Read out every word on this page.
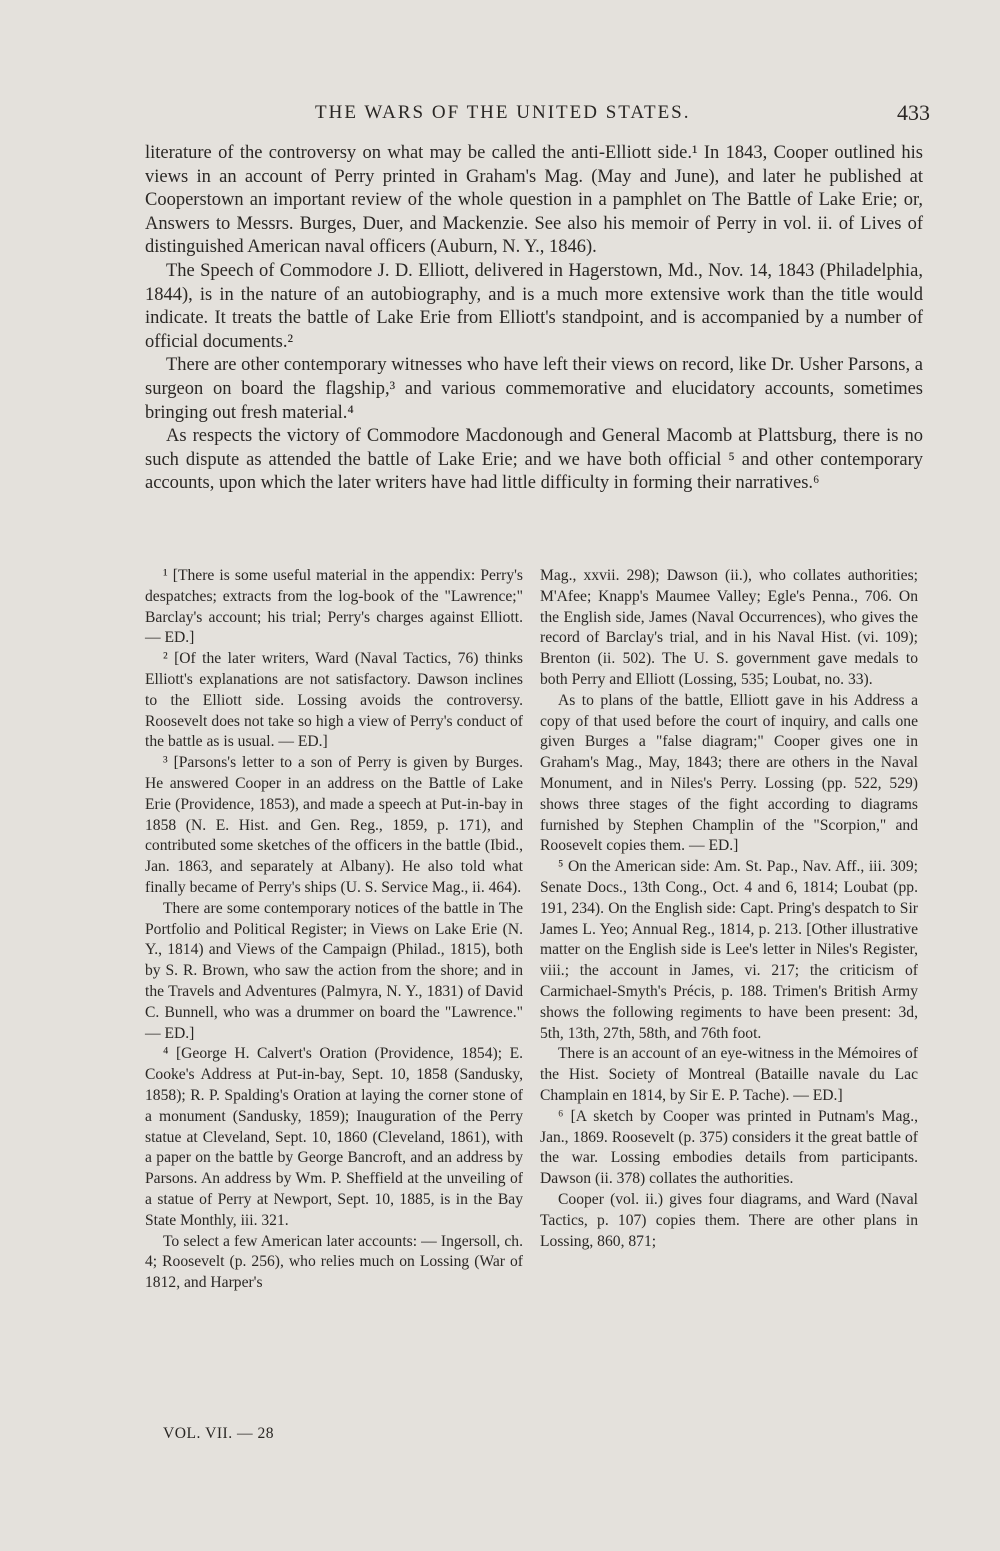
THE WARS OF THE UNITED STATES.	433

literature of the controversy on what may be called the anti-Elliott side.¹ In 1843, Cooper outlined his views in an account of Perry printed in Graham's Mag. (May and June), and later he published at Cooperstown an important review of the whole question in a pamphlet on The Battle of Lake Erie; or, Answers to Messrs. Burges, Duer, and Mackenzie. See also his memoir of Perry in vol. ii. of Lives of distinguished American naval officers (Auburn, N. Y., 1846).

The Speech of Commodore J. D. Elliott, delivered in Hagerstown, Md., Nov. 14, 1843 (Philadelphia, 1844), is in the nature of an autobiography, and is a much more extensive work than the title would indicate. It treats the battle of Lake Erie from Elliott's standpoint, and is accompanied by a number of official documents.²

There are other contemporary witnesses who have left their views on record, like Dr. Usher Parsons, a surgeon on board the flagship,³ and various commemorative and elucidatory accounts, sometimes bringing out fresh material.⁴

As respects the victory of Commodore Macdonough and General Macomb at Plattsburg, there is no such dispute as attended the battle of Lake Erie; and we have both official ⁵ and other contemporary accounts, upon which the later writers have had little difficulty in forming their narratives.⁶

¹ [There is some useful material in the appendix: Perry's despatches; extracts from the log-book of the "Lawrence;" Barclay's account; his trial; Perry's charges against Elliott. — ED.]

² [Of the later writers, Ward (Naval Tactics, 76) thinks Elliott's explanations are not satisfactory. Dawson inclines to the Elliott side. Lossing avoids the controversy. Roosevelt does not take so high a view of Perry's conduct of the battle as is usual. — ED.]

³ [Parsons's letter to a son of Perry is given by Burges. He answered Cooper in an address on the Battle of Lake Erie (Providence, 1853), and made a speech at Put-in-bay in 1858 (N. E. Hist. and Gen. Reg., 1859, p. 171), and contributed some sketches of the officers in the battle (Ibid., Jan. 1863, and separately at Albany). He also told what finally became of Perry's ships (U. S. Service Mag., ii. 464).

There are some contemporary notices of the battle in The Portfolio and Political Register; in Views on Lake Erie (N. Y., 1814) and Views of the Campaign (Philad., 1815), both by S. R. Brown, who saw the action from the shore; and in the Travels and Adventures (Palmyra, N. Y., 1831) of David C. Bunnell, who was a drummer on board the "Lawrence." — ED.]

⁴ [George H. Calvert's Oration (Providence, 1854); E. Cooke's Address at Put-in-bay, Sept. 10, 1858 (Sandusky, 1858); R. P. Spalding's Oration at laying the corner stone of a monument (Sandusky, 1859); Inauguration of the Perry statue at Cleveland, Sept. 10, 1860 (Cleveland, 1861), with a paper on the battle by George Bancroft, and an address by Parsons. An address by Wm. P. Sheffield at the unveiling of a statue of Perry at Newport, Sept. 10, 1885, is in the Bay State Monthly, iii. 321.

To select a few American later accounts: — Ingersoll, ch. 4; Roosevelt (p. 256), who relies much on Lossing (War of 1812, and Harper's

VOL. VII. — 28

Mag., xxvii. 298); Dawson (ii.), who collates authorities; M'Afee; Knapp's Maumee Valley; Egle's Penna., 706. On the English side, James (Naval Occurrences), who gives the record of Barclay's trial, and in his Naval Hist. (vi. 109); Brenton (ii. 502). The U. S. government gave medals to both Perry and Elliott (Lossing, 535; Loubat, no. 33).

As to plans of the battle, Elliott gave in his Address a copy of that used before the court of inquiry, and calls one given Burges a "false diagram;" Cooper gives one in Graham's Mag., May, 1843; there are others in the Naval Monument, and in Niles's Perry. Lossing (pp. 522, 529) shows three stages of the fight according to diagrams furnished by Stephen Champlin of the "Scorpion," and Roosevelt copies them. — ED.]

⁵ On the American side: Am. St. Pap., Nav. Aff., iii. 309; Senate Docs., 13th Cong., Oct. 4 and 6, 1814; Loubat (pp. 191, 234). On the English side: Capt. Pring's despatch to Sir James L. Yeo; Annual Reg., 1814, p. 213. [Other illustrative matter on the English side is Lee's letter in Niles's Register, viii.; the account in James, vi. 217; the criticism of Carmichael-Smyth's Précis, p. 188. Trimen's British Army shows the following regiments to have been present: 3d, 5th, 13th, 27th, 58th, and 76th foot.

There is an account of an eye-witness in the Mémoires of the Hist. Society of Montreal (Bataille navale du Lac Champlain en 1814, by Sir E. P. Tache). — ED.]

⁶ [A sketch by Cooper was printed in Putnam's Mag., Jan., 1869. Roosevelt (p. 375) considers it the great battle of the war. Lossing embodies details from participants. Dawson (ii. 378) collates the authorities.

Cooper (vol. ii.) gives four diagrams, and Ward (Naval Tactics, p. 107) copies them. There are other plans in Lossing, 860, 871;
